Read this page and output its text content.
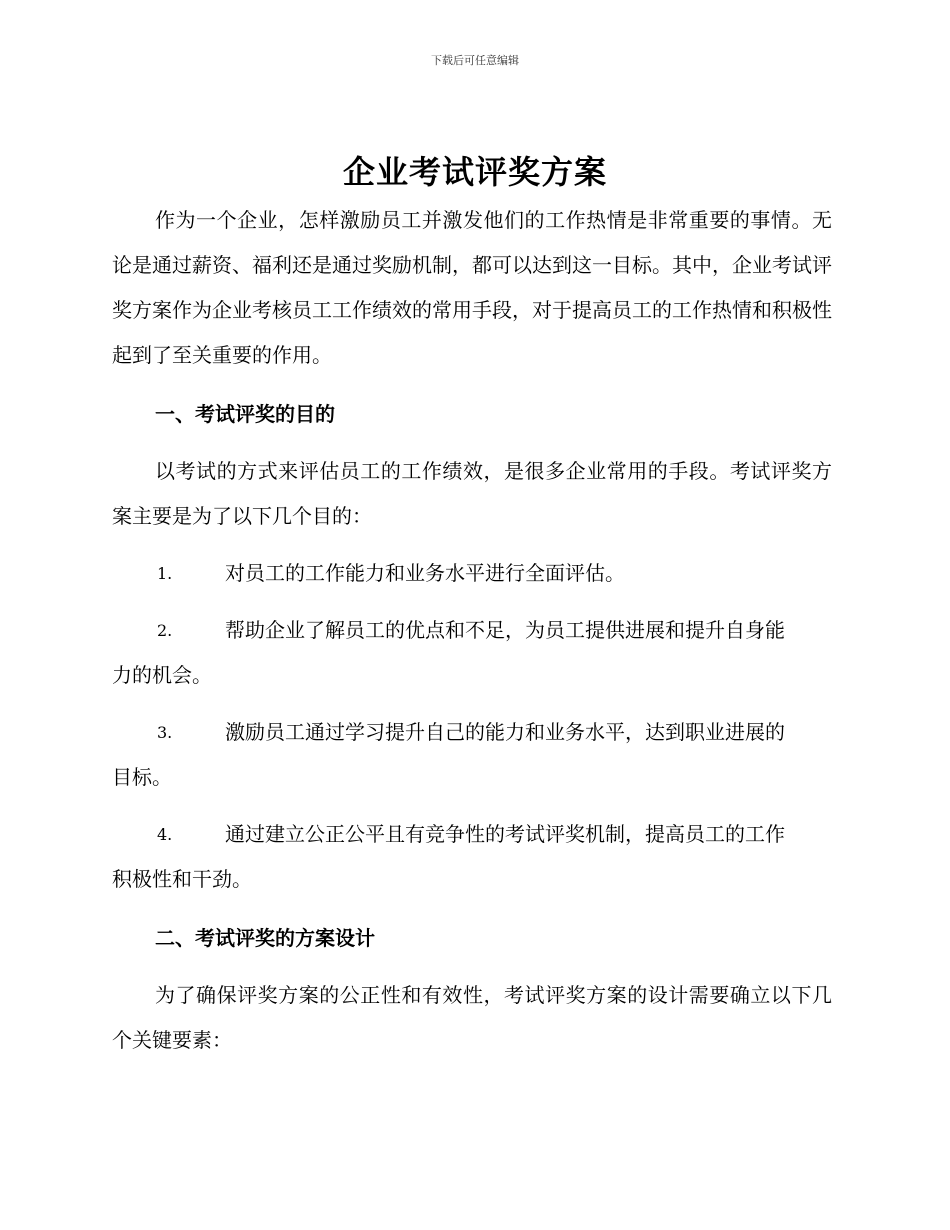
下载后可任意编辑
企业考试评奖方案
作为一个企业，怎样激励员工并激发他们的工作热情是非常重要的事情。无论是通过薪资、福利还是通过奖励机制，都可以达到这一目标。其中，企业考试评奖方案作为企业考核员工工作绩效的常用手段，对于提高员工的工作热情和积极性起到了至关重要的作用。
一、考试评奖的目的
以考试的方式来评估员工的工作绩效，是很多企业常用的手段。考试评奖方案主要是为了以下几个目的：
1.	对员工的工作能力和业务水平进行全面评估。
2.	帮助企业了解员工的优点和不足，为员工提供进展和提升自身能
力的机会。
3.	激励员工通过学习提升自己的能力和业务水平，达到职业进展的
目标。
4.	通过建立公正公平且有竞争性的考试评奖机制，提高员工的工作
积极性和干劲。
二、考试评奖的方案设计
为了确保评奖方案的公正性和有效性，考试评奖方案的设计需要确立以下几个关键要素：
